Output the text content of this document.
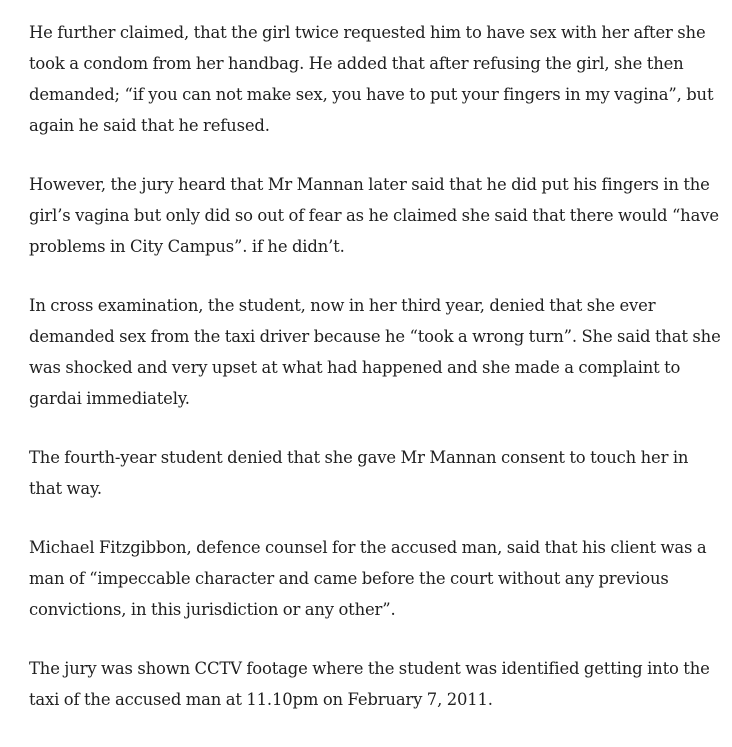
He further claimed, that the girl twice requested him to have sex with her after she took a condom from her handbag. He added that after refusing the girl, she then demanded; “if you can not make sex, you have to put your fingers in my vagina”, but again he said that he refused.

However, the jury heard that Mr Mannan later said that he did put his fingers in the girl’s vagina but only did so out of fear as he claimed she said that there would “have problems in City Campus”. if he didn’t.

In cross examination, the student, now in her third year, denied that she ever demanded sex from the taxi driver because he “took a wrong turn”. She said that she was shocked and very upset at what had happened and she made a complaint to gardai immediately.

The fourth-year student denied that she gave Mr Mannan consent to touch her in that way.

Michael Fitzgibbon, defence counsel for the accused man, said that his client was a man of “impeccable character and came before the court without any previous convictions, in this jurisdiction or any other”.

The jury was shown CCTV footage where the student was identified getting into the taxi of the accused man at 11.10pm on February 7, 2011.
